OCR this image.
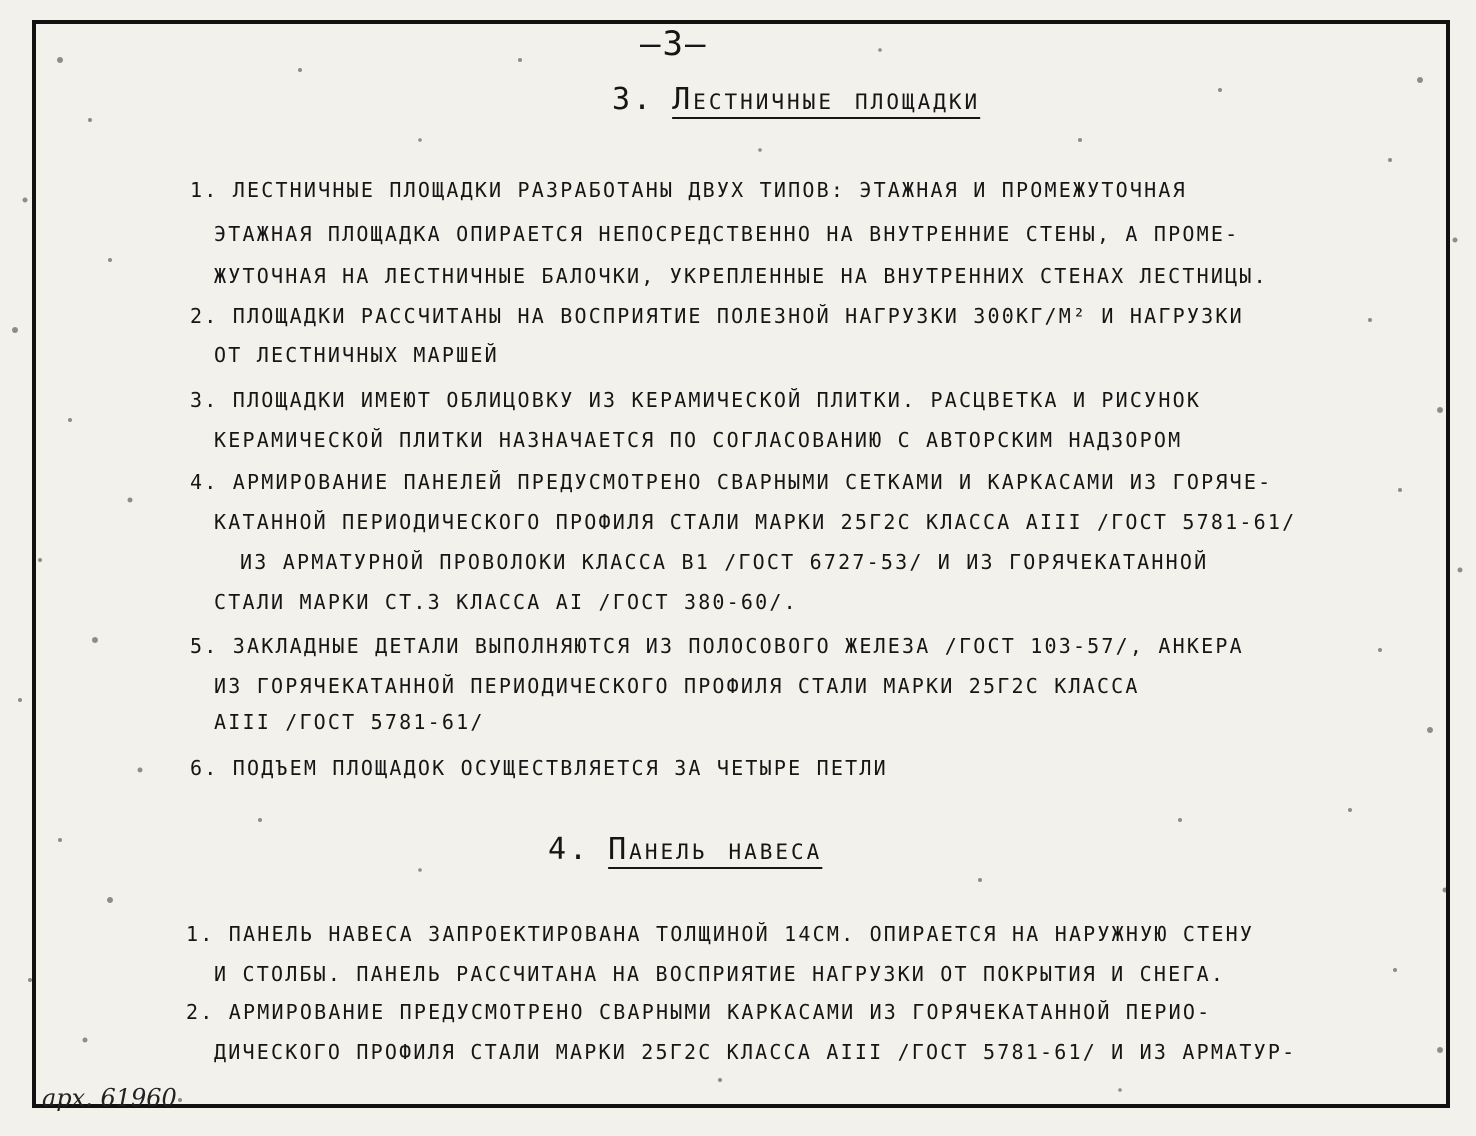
—3—
3. Лестничные площадки
1. ЛЕСТНИЧНЫЕ ПЛОЩАДКИ РАЗРАБОТАНЫ ДВУХ ТИПОВ: ЭТАЖНАЯ И ПРОМЕЖУТОЧНАЯ
ЭТАЖНАЯ ПЛОЩАДКА ОПИРАЕТСЯ НЕПОСРЕДСТВЕННО НА ВНУТРЕННИЕ СТЕНЫ, А ПРОМЕ-
ЖУТОЧНАЯ НА ЛЕСТНИЧНЫЕ БАЛОЧКИ, УКРЕПЛЕННЫЕ НА ВНУТРЕННИХ СТЕНАХ ЛЕСТНИЦЫ.
2. ПЛОЩАДКИ РАССЧИТАНЫ НА ВОСПРИЯТИЕ ПОЛЕЗНОЙ НАГРУЗКИ 300КГ/М² И НАГРУЗКИ
ОТ ЛЕСТНИЧНЫХ МАРШЕЙ
3. ПЛОЩАДКИ ИМЕЮТ ОБЛИЦОВКУ ИЗ КЕРАМИЧЕСКОЙ ПЛИТКИ. РАСЦВЕТКА И РИСУНОК
КЕРАМИЧЕСКОЙ ПЛИТКИ НАЗНАЧАЕТСЯ ПО СОГЛАСОВАНИЮ С АВТОРСКИМ НАДЗОРОМ
4. АРМИРОВАНИЕ ПАНЕЛЕЙ ПРЕДУСМОТРЕНО СВАРНЫМИ СЕТКАМИ И КАРКАСАМИ ИЗ ГОРЯЧЕ-
КАТАННОЙ ПЕРИОДИЧЕСКОГО ПРОФИЛЯ СТАЛИ МАРКИ 25Г2С КЛАССА АIII /ГОСТ 5781-61/
ИЗ АРМАТУРНОЙ ПРОВОЛОКИ КЛАССА В1 /ГОСТ 6727-53/ И ИЗ ГОРЯЧЕКАТАННОЙ
СТАЛИ МАРКИ СТ.3 КЛАССА АI /ГОСТ 380-60/.
5. ЗАКЛАДНЫЕ ДЕТАЛИ ВЫПОЛНЯЮТСЯ ИЗ ПОЛОСОВОГО ЖЕЛЕЗА /ГОСТ 103-57/, АНКЕРА
ИЗ ГОРЯЧЕКАТАННОЙ ПЕРИОДИЧЕСКОГО ПРОФИЛЯ СТАЛИ МАРКИ 25Г2С КЛАССА
АIII /ГОСТ 5781-61/
6. ПОДЪЕМ ПЛОЩАДОК ОСУЩЕСТВЛЯЕТСЯ ЗА ЧЕТЫРЕ ПЕТЛИ
4. Панель навеса
1. ПАНЕЛЬ НАВЕСА ЗАПРОЕКТИРОВАНА ТОЛЩИНОЙ 14СМ. ОПИРАЕТСЯ НА НАРУЖНУЮ СТЕНУ
И СТОЛБЫ. ПАНЕЛЬ РАССЧИТАНА НА ВОСПРИЯТИЕ НАГРУЗКИ ОТ ПОКРЫТИЯ И СНЕГА.
2. АРМИРОВАНИЕ ПРЕДУСМОТРЕНО СВАРНЫМИ КАРКАСАМИ ИЗ ГОРЯЧЕКАТАННОЙ ПЕРИО-
ДИЧЕСКОГО ПРОФИЛЯ СТАЛИ МАРКИ 25Г2С КЛАССА АIII /ГОСТ 5781-61/ И ИЗ АРМАТУР-
арх. 61960
